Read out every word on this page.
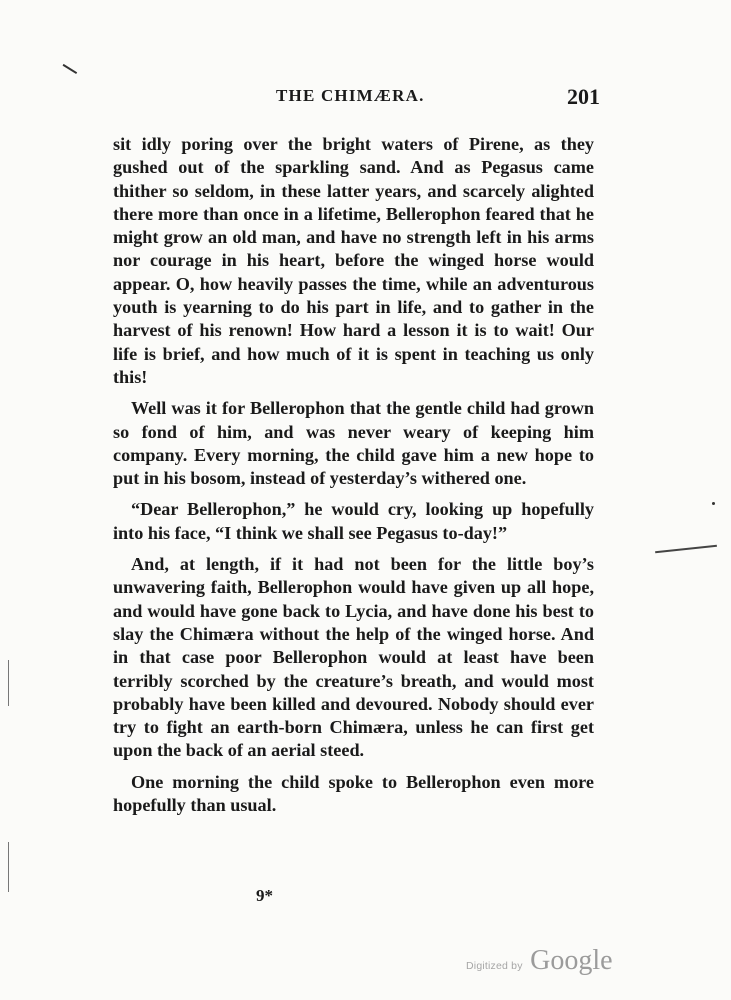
THE CHIMÆRA.	201

sit idly poring over the bright waters of Pirene, as they gushed out of the sparkling sand. And as Pegasus came thither so seldom, in these latter years, and scarcely alighted there more than once in a lifetime, Bellerophon feared that he might grow an old man, and have no strength left in his arms nor courage in his heart, before the winged horse would appear. O, how heavily passes the time, while an adventurous youth is yearning to do his part in life, and to gather in the harvest of his renown! How hard a lesson it is to wait! Our life is brief, and how much of it is spent in teaching us only this!

Well was it for Bellerophon that the gentle child had grown so fond of him, and was never weary of keeping him company. Every morning, the child gave him a new hope to put in his bosom, instead of yesterday’s withered one.

“Dear Bellerophon,” he would cry, looking up hopefully into his face, “I think we shall see Pegasus to-day!”

And, at length, if it had not been for the little boy’s unwavering faith, Bellerophon would have given up all hope, and would have gone back to Lycia, and have done his best to slay the Chimæra without the help of the winged horse. And in that case poor Bellerophon would at least have been terribly scorched by the creature’s breath, and would most probably have been killed and devoured. Nobody should ever try to fight an earth-born Chimæra, unless he can first get upon the back of an aerial steed.

One morning the child spoke to Bellerophon even more hopefully than usual.

9*
Digitized by Google
